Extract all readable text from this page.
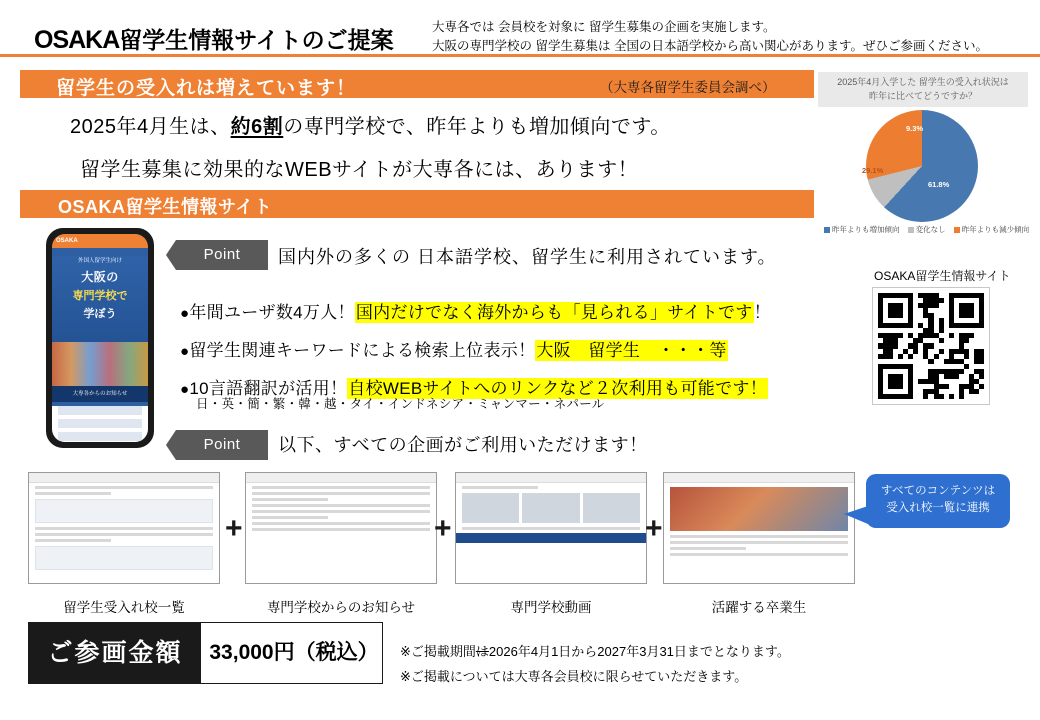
OSAKA留学生情報サイトのご提案	大専各では 会員校を対象に 留学生募集の企画を実施します。
大阪の専門学校の 留学生募集は 全国の日本語学校から高い関心があります。ぜひご参画ください。
留学生の受入れは増えています！	（大専各留学生委員会調べ）
2025年4月生は、約6割の専門学校で、昨年よりも増加傾向です。
留学生募集に効果的なWEBサイトが大専各には、あります！
2025年4月入学した 留学生の受入れ状況は
昨年に比べてどうですか？
61.8%
9.3%
29.1%
昨年よりも増加傾向 変化なし 昨年よりも減少傾向
OSAKA留学生情報サイト
OSAKA
外国人留学生向け
大阪の
専門学校で
学ぼう
大専各からのお知らせ
Point	国内外の多くの 日本語学校、留学生に利用されています。
●年間ユーザ数4万人！国内だけでなく海外からも「見られる」サイトです！
●留学生関連キーワードによる検索上位表示！大阪　留学生　・・・等
●10言語翻訳が活用！自校WEBサイトへのリンクなど２次利用も可能です！
日・英・簡・繁・韓・越・タイ・インドネシア・ミャンマー・ネパール
OSAKA留学生情報サイト
Point	以下、すべての企画がご利用いただけます！
+	+	+
留学生受入れ校一覧	専門学校からのお知らせ	専門学校動画	活躍する卒業生
すべてのコンテンツは
受入れ校一覧に連携
ご参画金額	33,000円（税込）	※ご掲載期間は2026年4月1日から2027年3月31日までとなります。
※ご掲載については大専各会員校に限らせていただきます。
